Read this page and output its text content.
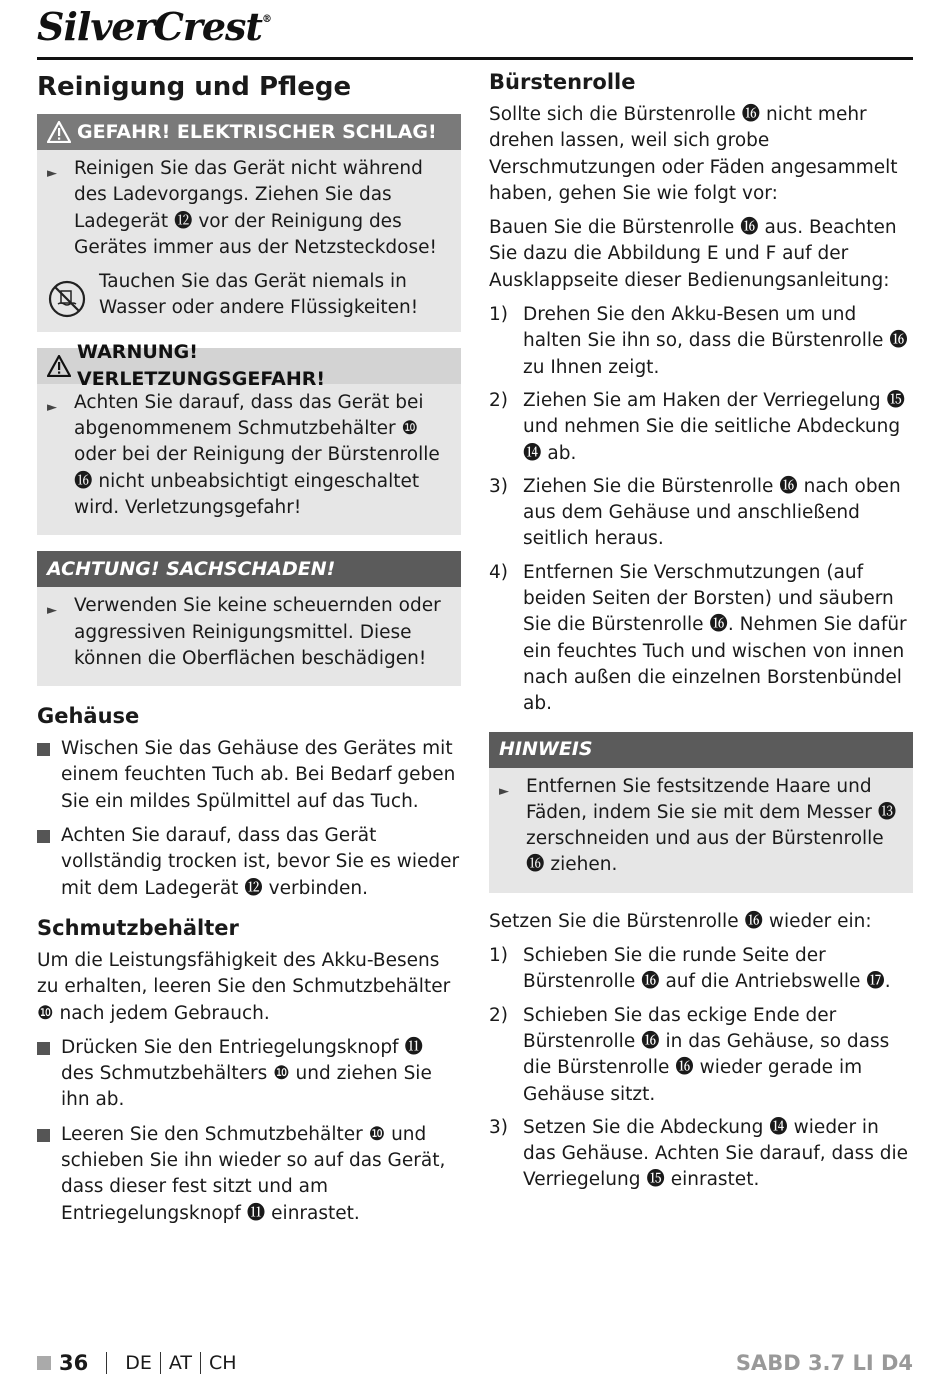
SilverCrest®
Reinigung und Pflege
GEFAHR! ELEKTRISCHER SCHLAG!
► Reinigen Sie das Gerät nicht während des Ladevorgangs. Ziehen Sie das Ladegerät ⓬ vor der Reinigung des Gerätes immer aus der Netzsteckdose!
Tauchen Sie das Gerät niemals in Wasser oder andere Flüssigkeiten!
WARNUNG! VERLETZUNGSGEFAHR!
► Achten Sie darauf, dass das Gerät bei abgenommenem Schmutzbehälter ❿ oder bei der Reinigung der Bürstenrolle ⓰ nicht unbeabsichtigt eingeschaltet wird. Verletzungsgefahr!
ACHTUNG! SACHSCHADEN!
► Verwenden Sie keine scheuernden oder aggressiven Reinigungsmittel. Diese können die Oberflächen beschädigen!
Gehäuse
Wischen Sie das Gehäuse des Gerätes mit einem feuchten Tuch ab. Bei Bedarf geben Sie ein mildes Spülmittel auf das Tuch.
Achten Sie darauf, dass das Gerät vollständig trocken ist, bevor Sie es wieder mit dem Ladegerät ⓬ verbinden.
Schmutzbehälter

Um die Leistungsfähigkeit des Akku-Besens zu erhalten, leeren Sie den Schmutzbehälter ❿ nach jedem Gebrauch.

Drücken Sie den Entriegelungsknopf ⓫ des Schmutzbehälters ❿ und ziehen Sie ihn ab.
Leeren Sie den Schmutzbehälter ❿ und schieben Sie ihn wieder so auf das Gerät, dass dieser fest sitzt und am Entriegelungsknopf ⓫ einrastet.
Bürstenrolle

Sollte sich die Bürstenrolle ⓰ nicht mehr drehen lassen, weil sich grobe Verschmutzungen oder Fäden angesammelt haben, gehen Sie wie folgt vor:

Bauen Sie die Bürstenrolle ⓰ aus. Beachten Sie dazu die Abbildung E und F auf der Ausklappseite dieser Bedienungsanleitung:

1) Drehen Sie den Akku-Besen um und halten Sie ihn so, dass die Bürstenrolle ⓰ zu Ihnen zeigt.
2) Ziehen Sie am Haken der Verriegelung ⓯ und nehmen Sie die seitliche Abdeckung ⓮ ab.
3) Ziehen Sie die Bürstenrolle ⓰ nach oben aus dem Gehäuse und anschließend seitlich heraus.
4) Entfernen Sie Verschmutzungen (auf beiden Seiten der Borsten) und säubern Sie die Bürstenrolle ⓰. Nehmen Sie dafür ein feuchtes Tuch und wischen von innen nach außen die einzelnen Borstenbündel ab.
HINWEIS
► Entfernen Sie festsitzende Haare und Fäden, indem Sie sie mit dem Messer ⓭ zerschneiden und aus der Bürstenrolle ⓰ ziehen.

Setzen Sie die Bürstenrolle ⓰ wieder ein:

1) Schieben Sie die runde Seite der Bürstenrolle ⓰ auf die Antriebswelle ⓱.
2) Schieben Sie das eckige Ende der Bürstenrolle ⓰ in das Gehäuse, so dass die Bürstenrolle ⓰ wieder gerade im Gehäuse sitzt.
3) Setzen Sie die Abdeckung ⓮ wieder in das Gehäuse. Achten Sie darauf, dass die Verriegelung ⓯ einrastet.
36 DE AT CH	SABD 3.7 LI D4
